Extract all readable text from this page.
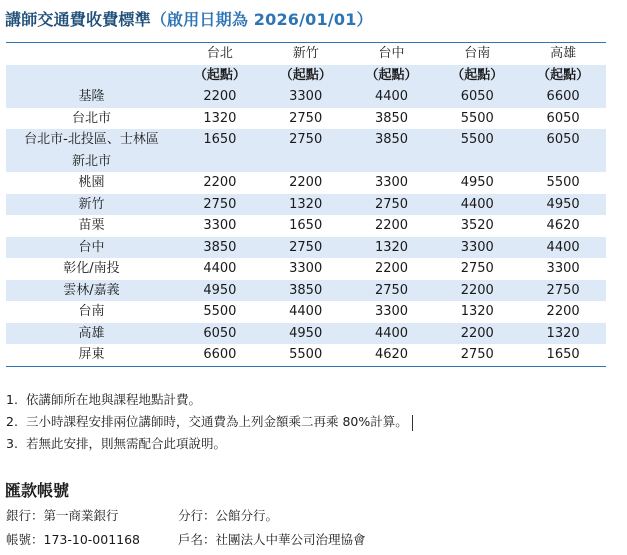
講師交通費收費標準（啟用日期為 2026/01/01）
	台北	新竹	台中	台南	高雄
	（起點）	（起點）	（起點）	（起點）	（起點）
基隆	2200	3300	4400	6050	6600
台北市	1320	2750	3850	5500	6050

台北市-北投區、士林區
新北市	1650	2750	3850	5500	6050
桃園	2200	2200	3300	4950	5500
新竹	2750	1320	2750	4400	4950
苗栗	3300	1650	2200	3520	4620
台中	3850	2750	1320	3300	4400
彰化/南投	4400	3300	2200	2750	3300
雲林/嘉義	4950	3850	2750	2200	2750
台南	5500	4400	3300	1320	2200
高雄	6050	4950	4400	2200	1320
屏東	6600	5500	4620	2750	1650
1. 依講師所在地與課程地點計費。
2. 三小時課程安排兩位講師時，交通費為上列金額乘二再乘 80%計算。
3. 若無此安排，則無需配合此項說明。
匯款帳號
銀行：第一商業銀行	分行：公館分行。
帳號：173-10-001168	戶名：社團法人中華公司治理協會
